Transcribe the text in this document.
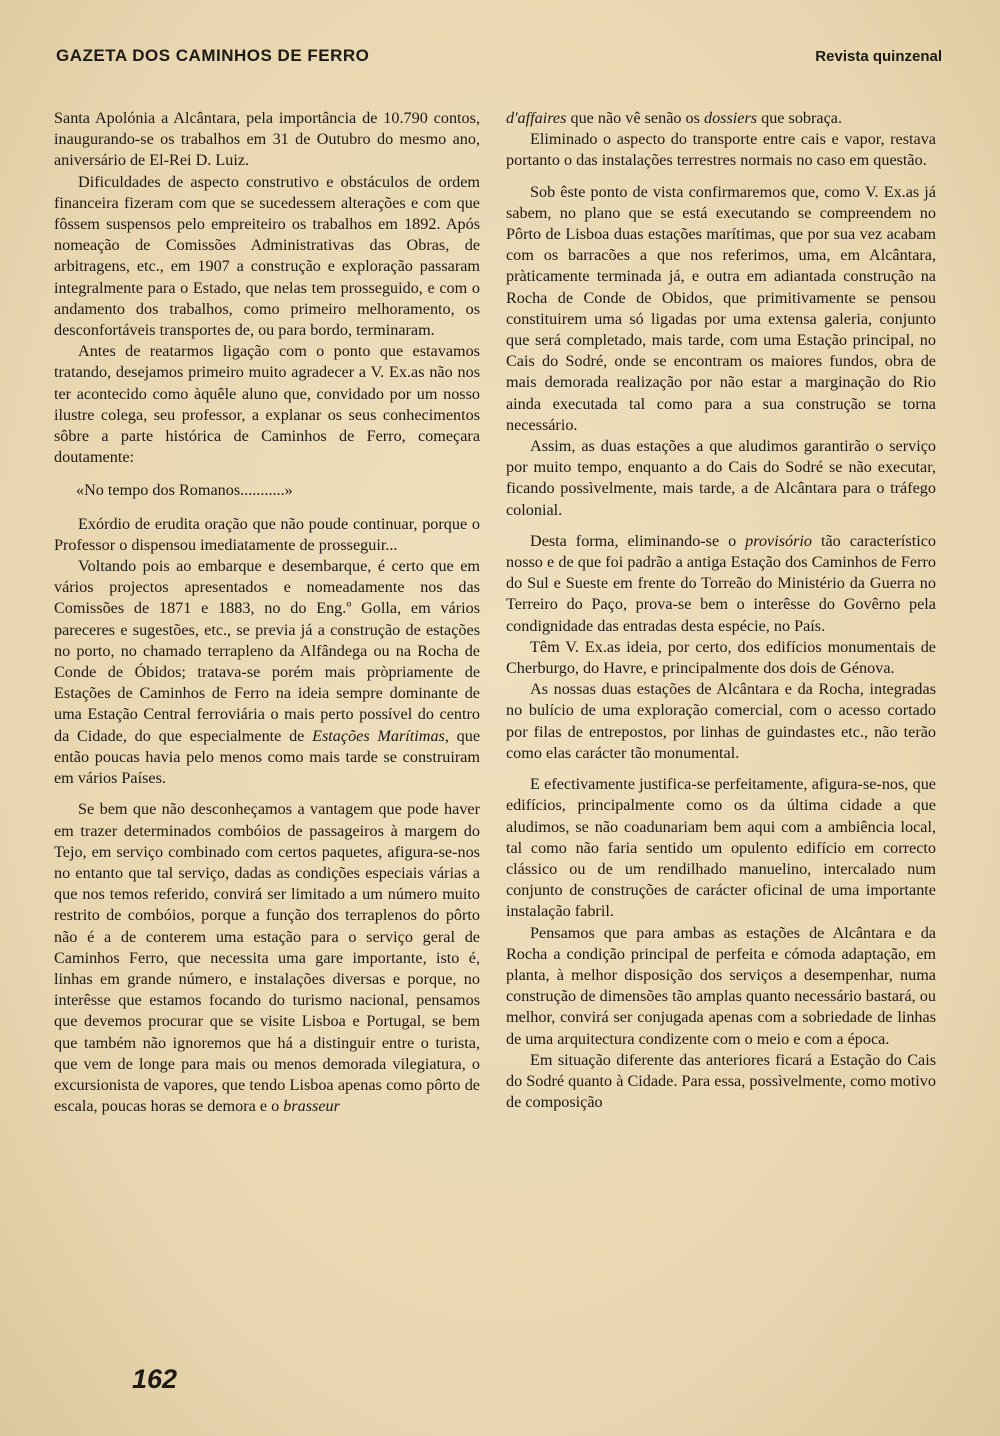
GAZETA DOS CAMINHOS DE FERRO	Revista quinzenal

Santa Apolónia a Alcântara, pela importância de 10.790 contos, inaugurando-se os trabalhos em 31 de Outubro do mesmo ano, aniversário de El-Rei D. Luiz.

Dificuldades de aspecto construtivo e obstáculos de ordem financeira fizeram com que se sucedessem alterações e com que fôssem suspensos pelo empreiteiro os trabalhos em 1892. Após nomeação de Comissões Administrativas das Obras, de arbitragens, etc., em 1907 a construção e exploração passaram integralmente para o Estado, que nelas tem prosseguido, e com o andamento dos trabalhos, como primeiro melhoramento, os desconfortáveis transportes de, ou para bordo, terminaram.

Antes de reatarmos ligação com o ponto que estavamos tratando, desejamos primeiro muito agradecer a V. Ex.as não nos ter acontecido como àquêle aluno que, convidado por um nosso ilustre colega, seu professor, a explanar os seus conhecimentos sôbre a parte histórica de Caminhos de Ferro, começara doutamente:

«No tempo dos Romanos...........»

Exórdio de erudita oração que não poude continuar, porque o Professor o dispensou imediatamente de prosseguir...

Voltando pois ao embarque e desembarque, é certo que em vários projectos apresentados e nomeadamente nos das Comissões de 1871 e 1883, no do Eng.º Golla, em vários pareceres e sugestões, etc., se previa já a construção de estações no porto, no chamado terrapleno da Alfândega ou na Rocha de Conde de Óbidos; tratava-se porém mais pròpriamente de Estações de Caminhos de Ferro na ideia sempre dominante de uma Estação Central ferroviária o mais perto possível do centro da Cidade, do que especialmente de Estações Marítimas, que então poucas havia pelo menos como mais tarde se construiram em vários Países.

Se bem que não desconheçamos a vantagem que pode haver em trazer determinados combóios de passageiros à margem do Tejo, em serviço combinado com certos paquetes, afigura-se-nos no entanto que tal serviço, dadas as condições especiais várias a que nos temos referido, convirá ser limitado a um número muito restrito de combóios, porque a função dos terraplenos do pôrto não é a de conterem uma estação para o serviço geral de Caminhos Ferro, que necessita uma gare importante, isto é, linhas em grande número, e instalações diversas e porque, no interêsse que estamos focando do turismo nacional, pensamos que devemos procurar que se visite Lisboa e Portugal, se bem que também não ignoremos que há a distinguir entre o turista, que vem de longe para mais ou menos demorada vilegiatura, o excursionista de vapores, que tendo Lisboa apenas como pôrto de escala, poucas horas se demora e o brasseur

d'affaires que não vê senão os dossiers que sobraça.

Eliminado o aspecto do transporte entre cais e vapor, restava portanto o das instalações terrestres normais no caso em questão.

Sob êste ponto de vista confirmaremos que, como V. Ex.as já sabem, no plano que se está executando se compreendem no Pôrto de Lisboa duas estações marítimas, que por sua vez acabam com os barracões a que nos referimos, uma, em Alcântara, pràticamente terminada já, e outra em adiantada construção na Rocha de Conde de Obidos, que primitivamente se pensou constituirem uma só ligadas por uma extensa galeria, conjunto que será completado, mais tarde, com uma Estação principal, no Cais do Sodré, onde se encontram os maiores fundos, obra de mais demorada realização por não estar a marginação do Rio ainda executada tal como para a sua construção se torna necessário.

Assim, as duas estações a que aludimos garantirão o serviço por muito tempo, enquanto a do Cais do Sodré se não executar, ficando possìvelmente, mais tarde, a de Alcântara para o tráfego colonial.

Desta forma, eliminando-se o provisório tão característico nosso e de que foi padrão a antiga Estação dos Caminhos de Ferro do Sul e Sueste em frente do Torreão do Ministério da Guerra no Terreiro do Paço, prova-se bem o interêsse do Govêrno pela condignidade das entradas desta espécie, no País.

Têm V. Ex.as ideia, por certo, dos edifícios monumentais de Cherburgo, do Havre, e principalmente dos dois de Génova.

As nossas duas estações de Alcântara e da Rocha, integradas no bulício de uma exploração comercial, com o acesso cortado por filas de entrepostos, por linhas de guindastes etc., não terão como elas carácter tão monumental.

E efectivamente justifica-se perfeitamente, afigura-se-nos, que edifícios, principalmente como os da última cidade a que aludimos, se não coadunariam bem aqui com a ambiência local, tal como não faria sentido um opulento edifício em correcto clássico ou de um rendilhado manuelino, intercalado num conjunto de construções de carácter oficinal de uma importante instalação fabril.

Pensamos que para ambas as estações de Alcântara e da Rocha a condição principal de perfeita e cómoda adaptação, em planta, à melhor disposição dos serviços a desempenhar, numa construção de dimensões tão amplas quanto necessário bastará, ou melhor, convirá ser conjugada apenas com a sobriedade de linhas de uma arquitectura condizente com o meio e com a época.

Em situação diferente das anteriores ficará a Estação do Cais do Sodré quanto à Cidade. Para essa, possìvelmente, como motivo de composição

162
